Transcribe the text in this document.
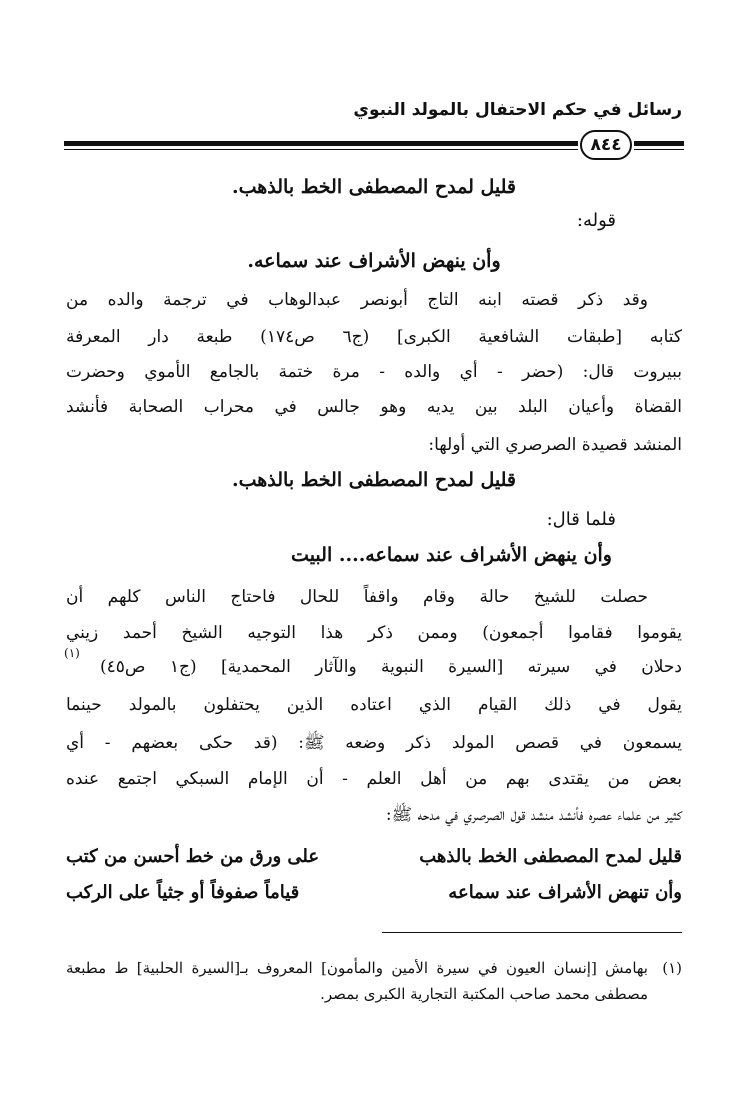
رسائل في حكم الاحتفال بالمولد النبوي
٨٤٤
قليل لمدح المصطفى الخط بالذهب.
قوله:
وأن ينهض الأشراف عند سماعه.
وقد ذكر قصته ابنه التاج أبونصر عبدالوهاب في ترجمة والده من
كتابه [طبقات الشافعية الكبرى] (ج٦ ص١٧٤) طبعة دار المعرفة
ببيروت قال: (حضر - أي والده - مرة ختمة بالجامع الأموي وحضرت
القضاة وأعيان البلد بين يديه وهو جالس في محراب الصحابة فأنشد
المنشد قصيدة الصرصري التي أولها:
قليل لمدح المصطفى الخط بالذهب.
فلما قال:
وأن ينهض الأشراف عند سماعه.... البيت
حصلت للشيخ حالة وقام واقفاً للحال فاحتاج الناس كلهم أن
يقوموا فقاموا أجمعون) وممن ذكر هذا التوجيه الشيخ أحمد زيني
دحلان في سيرته [السيرة النبوية والآثار المحمدية] (ج١ ص٤٥)
(١)
يقول في ذلك القيام الذي اعتاده الذين يحتفلون بالمولد حينما
يسمعون في قصص المولد ذكر وضعه ﷺ: (قد حكى بعضهم - أي
بعض من يقتدى بهم من أهل العلم - أن الإمام السبكي اجتمع عنده
كثير من علماء عصره فأنشد منشد قول الصرصري في مدحه ﷺ:
قليل لمدح المصطفى الخط بالذهب
على ورق من خط أحسن من كتب
وأن تنهض الأشراف عند سماعه
قياماً صفوفاً أو جثياً على الركب
(١)
بهامش [إنسان العيون في سيرة الأمين والمأمون] المعروف بـ[السيرة الحلبية] ط مطبعة
مصطفى محمد صاحب المكتبة التجارية الكبرى بمصر.
